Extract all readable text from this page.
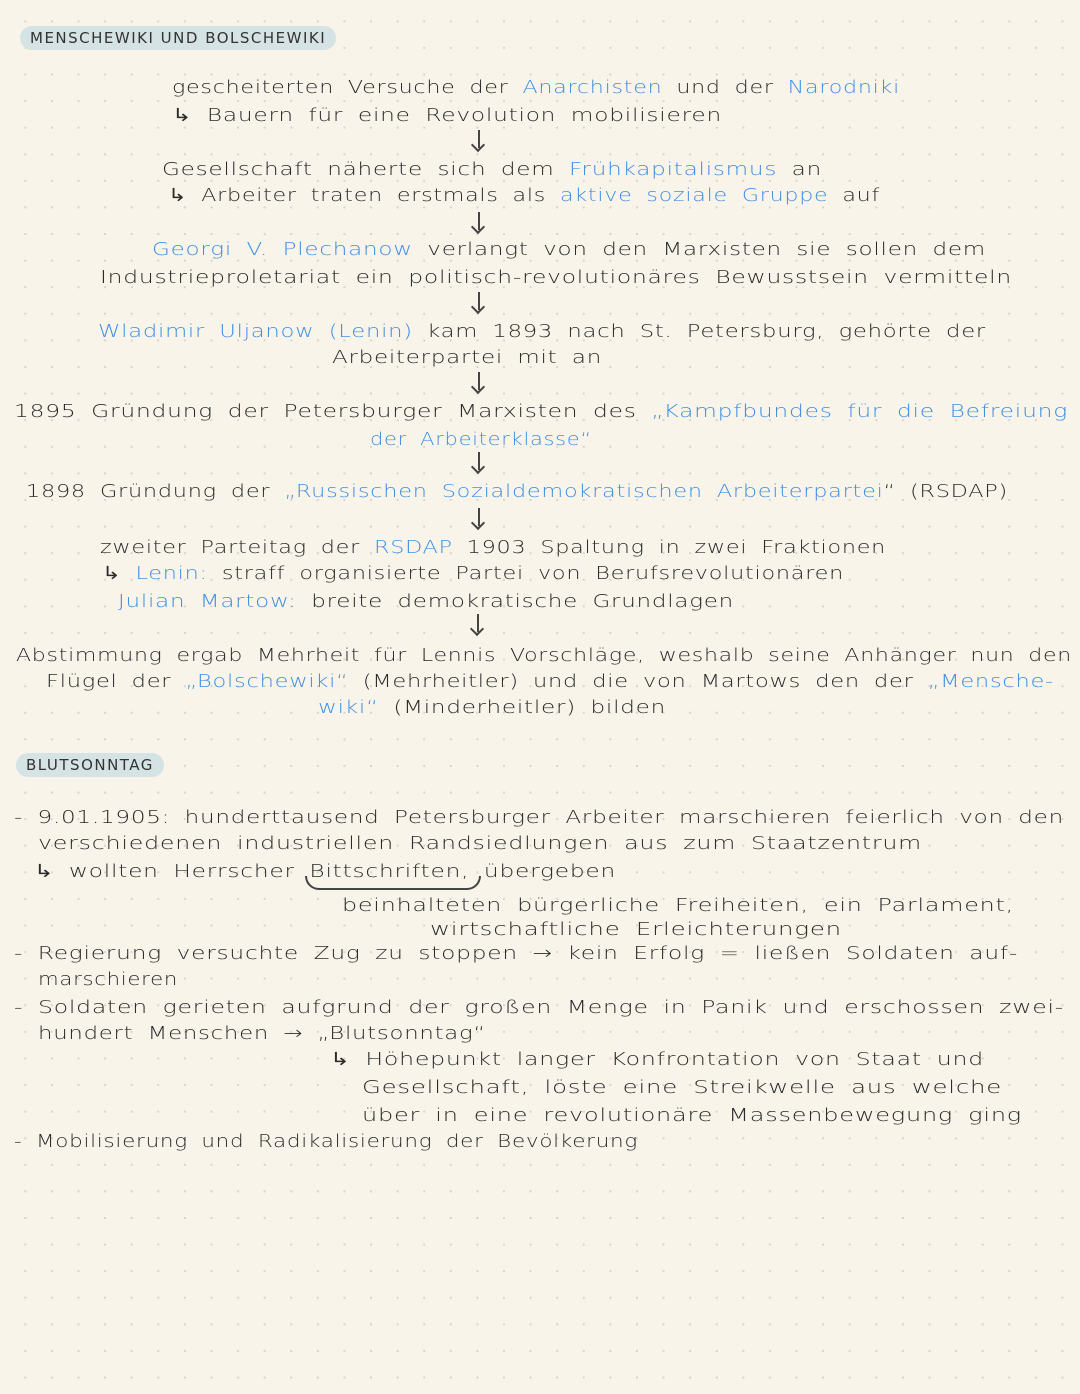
MENSCHEWIKI UND BOLSCHEWIKI
BLUTSONNTAG
gescheiterten Versuche der Anarchisten und der Narodniki
↳ Bauern für eine Revolution mobilisieren
Gesellschaft näherte sich dem Frühkapitalismus an
↳ Arbeiter traten erstmals als aktive soziale Gruppe auf
Georgi V. Plechanow verlangt von den Marxisten sie sollen dem
Industrieproletariat ein politisch-revolutionäres Bewusstsein vermitteln
Wladimir Uljanow (Lenin) kam 1893 nach St. Petersburg, gehörte der
Arbeiterpartei mit an
1895 Gründung der Petersburger Marxisten des „Kampfbundes für die Befreiung
der Arbeiterklasse“
1898 Gründung der „Russischen Sozialdemokratischen Arbeiterpartei“ (RSDAP)
zweiter Parteitag der RSDAP 1903 Spaltung in zwei Fraktionen
↳ Lenin: straff organisierte Partei von Berufsrevolutionären
Julian Martow: breite demokratische Grundlagen
Abstimmung ergab Mehrheit für Lennis Vorschläge, weshalb seine Anhänger nun den
Flügel der „Bolschewiki“ (Mehrheitler) und die von Martows den der „Mensche-
wiki“ (Minderheitler) bilden
- 9.01.1905: hunderttausend Petersburger Arbeiter marschieren feierlich von den
verschiedenen industriellen Randsiedlungen aus zum Staatzentrum
↳ wollten Herrscher Bittschriften, übergeben
beinhalteten bürgerliche Freiheiten, ein Parlament,
wirtschaftliche Erleichterungen
- Regierung versuchte Zug zu stoppen → kein Erfolg = ließen Soldaten auf-
marschieren
- Soldaten gerieten aufgrund der großen Menge in Panik und erschossen zwei-
hundert Menschen → „Blutsonntag“
↳ Höhepunkt langer Konfrontation von Staat und
Gesellschaft, löste eine Streikwelle aus welche
über in eine revolutionäre Massenbewegung ging
- Mobilisierung und Radikalisierung der Bevölkerung
